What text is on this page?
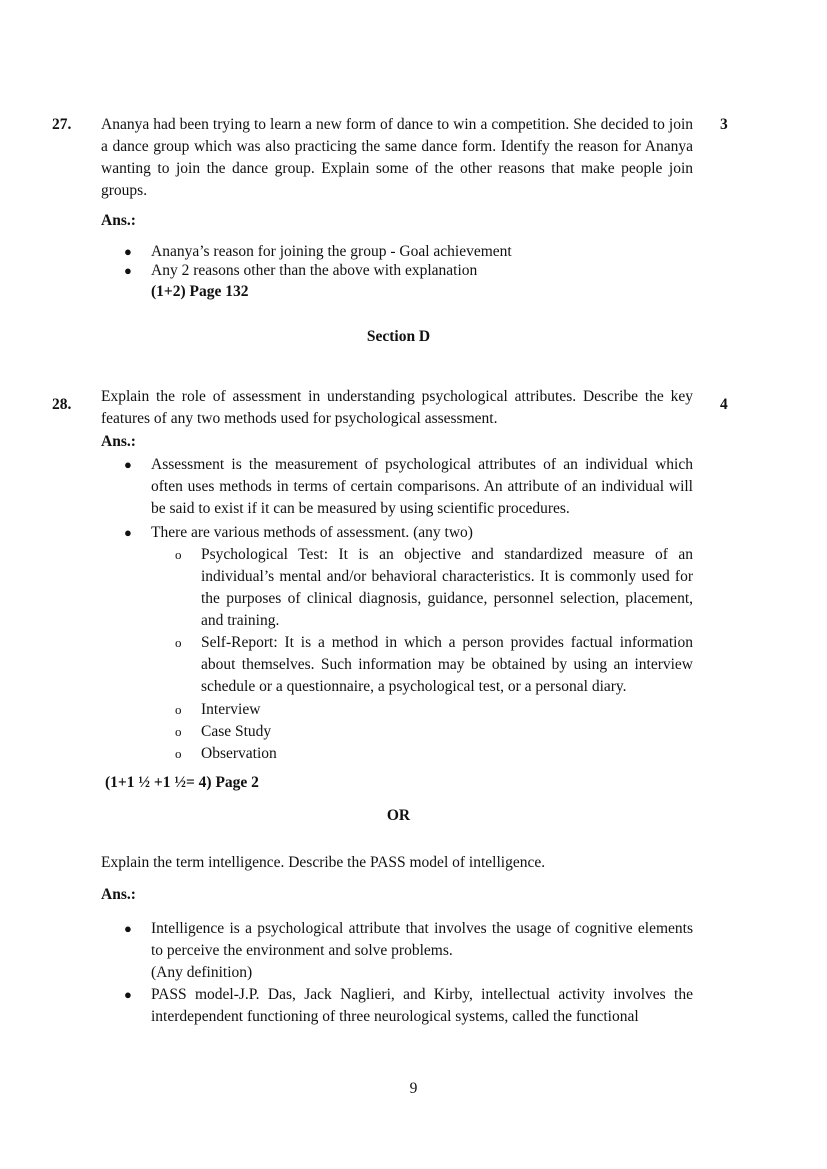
27.	3
Ananya had been trying to learn a new form of dance to win a competition. She decided to join a dance group which was also practicing the same dance form. Identify the reason for Ananya wanting to join the dance group. Explain some of the other reasons that make people join groups.
Ans.:
● Ananya’s reason for joining the group - Goal achievement
● Any 2 reasons other than the above with explanation
(1+2) Page 132
Section D
28.	4
Explain the role of assessment in understanding psychological attributes. Describe the key features of any two methods used for psychological assessment.
Ans.:
● Assessment is the measurement of psychological attributes of an individual which often uses methods in terms of certain comparisons. An attribute of an individual will be said to exist if it can be measured by using scientific procedures.
● There are various methods of assessment. (any two)
o Psychological Test: It is an objective and standardized measure of an individual’s mental and/or behavioral characteristics. It is commonly used for the purposes of clinical diagnosis, guidance, personnel selection, placement, and training.
o Self-Report: It is a method in which a person provides factual information about themselves. Such information may be obtained by using an interview schedule or a questionnaire, a psychological test, or a personal diary.
o Interview
o Case Study
o Observation
(1+1 ½ +1 ½= 4) Page 2
OR
Explain the term intelligence. Describe the PASS model of intelligence.
Ans.:
● Intelligence is a psychological attribute that involves the usage of cognitive elements to perceive the environment and solve problems.
(Any definition)
● PASS model-J.P. Das, Jack Naglieri, and Kirby, intellectual activity involves the interdependent functioning of three neurological systems, called the functional
9
